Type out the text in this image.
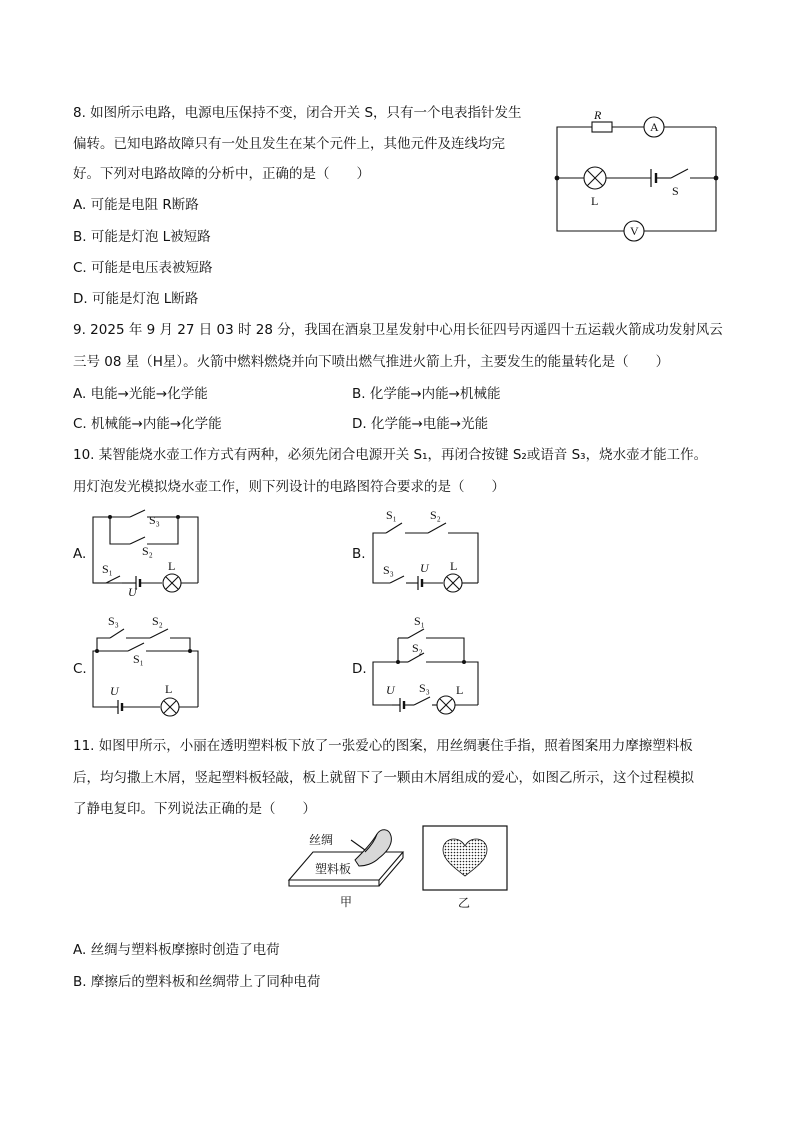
8. 如图所示电路，电源电压保持不变，闭合开关 S，只有一个电表指针发生
偏转。已知电路故障只有一处且发生在某个元件上，其他元件及连线均完
好。下列对电路故障的分析中，正确的是（　　）
A. 可能是电阻 R断路
B. 可能是灯泡 L被短路
C. 可能是电压表被短路
D. 可能是灯泡 L断路
R
A
L
S
V
9. 2025 年 9 月 27 日 03 时 28 分，我国在酒泉卫星发射中心用长征四号丙遥四十五运载火箭成功发射风云
三号 08 星（H星）。火箭中燃料燃烧并向下喷出燃气推进火箭上升，主要发生的能量转化是（　　）
A. 电能→光能→化学能	B. 化学能→内能→机械能
C. 机械能→内能→化学能	D. 化学能→电能→光能
10. 某智能烧水壶工作方式有两种，必须先闭合电源开关 S₁，再闭合按键 S₂或语音 S₃，烧水壶才能工作。
用灯泡发光模拟烧水壶工作，则下列设计的电路图符合要求的是（　　）
A.
S₃
S₂
S₁	L
U
B.
S₁	S₂
S₃ U L
C.
S₃	S₂
S₁
U	L
D.
S₁
S₂
S₃
U	L
11. 如图甲所示，小丽在透明塑料板下放了一张爱心的图案，用丝绸裹住手指，照着图案用力摩擦塑料板
后，均匀撒上木屑，竖起塑料板轻敲，板上就留下了一颗由木屑组成的爱心，如图乙所示，这个过程模拟
了静电复印。下列说法正确的是（　　）
丝绸
塑料板
甲	乙
A. 丝绸与塑料板摩擦时创造了电荷
B. 摩擦后的塑料板和丝绸带上了同种电荷
